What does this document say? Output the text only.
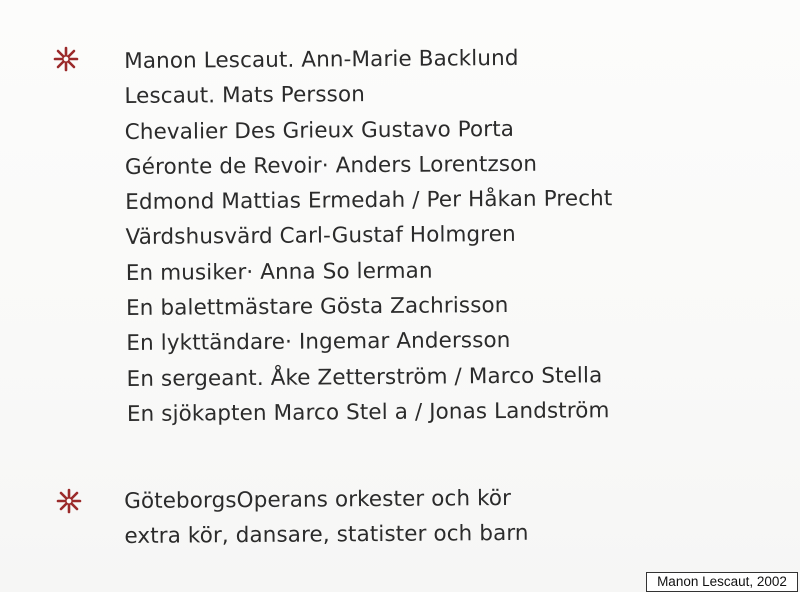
Manon Lescaut. Ann-Marie Backlund
Lescaut. Mats Persson
Chevalier Des Grieux Gustavo Porta
Géronte de Revoir· Anders Lorentzson
Edmond Mattias Ermedah / Per Håkan Precht
Värdshusvärd Carl-Gustaf Holmgren
En musiker· Anna So lerman
En balettmästare Gösta Zachrisson
En lykttändare· Ingemar Andersson
En sergeant. Åke Zetterström / Marco Stella
En sjökapten Marco Stel a / Jonas Landström
GöteborgsOperans orkester och kör
extra kör, dansare, statister och barn
Manon Lescaut, 2002
